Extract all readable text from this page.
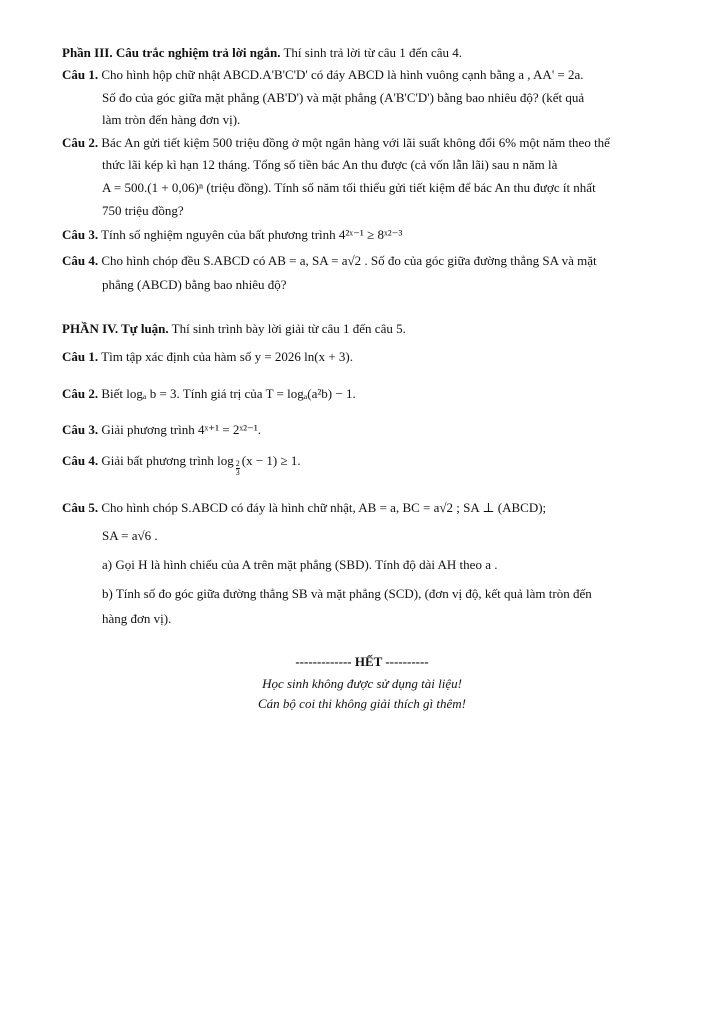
Phần III. Câu trắc nghiệm trả lời ngắn. Thí sinh trả lời từ câu 1 đến câu 4.
Câu 1. Cho hình hộp chữ nhật ABCD.A'B'C'D' có đáy ABCD là hình vuông cạnh bằng a , AA' = 2a.
Số đo của góc giữa mặt phẳng (AB'D') và mặt phẳng (A'B'C'D') bằng bao nhiêu độ? (kết quả
làm tròn đến hàng đơn vị).
Câu 2. Bác An gửi tiết kiệm 500 triệu đồng ở một ngân hàng với lãi suất không đổi 6% một năm theo thể
thức lãi kép kì hạn 12 tháng. Tổng số tiền bác An thu được (cả vốn lẫn lãi) sau n năm là
A = 500.(1 + 0,06)ⁿ (triệu đồng). Tính số năm tối thiểu gửi tiết kiệm để bác An thu được ít nhất
750 triệu đồng?
Câu 3. Tính số nghiệm nguyên của bất phương trình 4²ˣ⁻¹ ≥ 8ˣ²⁻³
Câu 4. Cho hình chóp đều S.ABCD có AB = a, SA = a√2 . Số đo của góc giữa đường thẳng SA và mặt
phẳng (ABCD) bằng bao nhiêu độ?
PHẦN IV. Tự luận. Thí sinh trình bày lời giải từ câu 1 đến câu 5.
Câu 1. Tìm tập xác định của hàm số y = 2026 ln(x + 3).
Câu 2. Biết logₐ b = 3. Tính giá trị của T = logₐ(a²b) − 1.
Câu 3. Giải phương trình 4ˣ⁺¹ = 2ˣ²⁻¹.
Câu 4. Giải bất phương trình $\log \frac{2}{3} (x - 1) \ge 1$.
Câu 5. Cho hình chóp S.ABCD có đáy là hình chữ nhật, AB = a, BC = a√2 ; SA ⊥ (ABCD);
SA = a√6 .
a) Gọi H là hình chiếu của A trên mặt phẳng (SBD). Tính độ dài AH theo a .
b) Tính số đo góc giữa đường thẳng SB và mặt phẳng (SCD), (đơn vị độ, kết quả làm tròn đến
hàng đơn vị).
------------- HẾT ----------
Học sinh không được sử dụng tài liệu!
Cán bộ coi thi không giải thích gì thêm!
